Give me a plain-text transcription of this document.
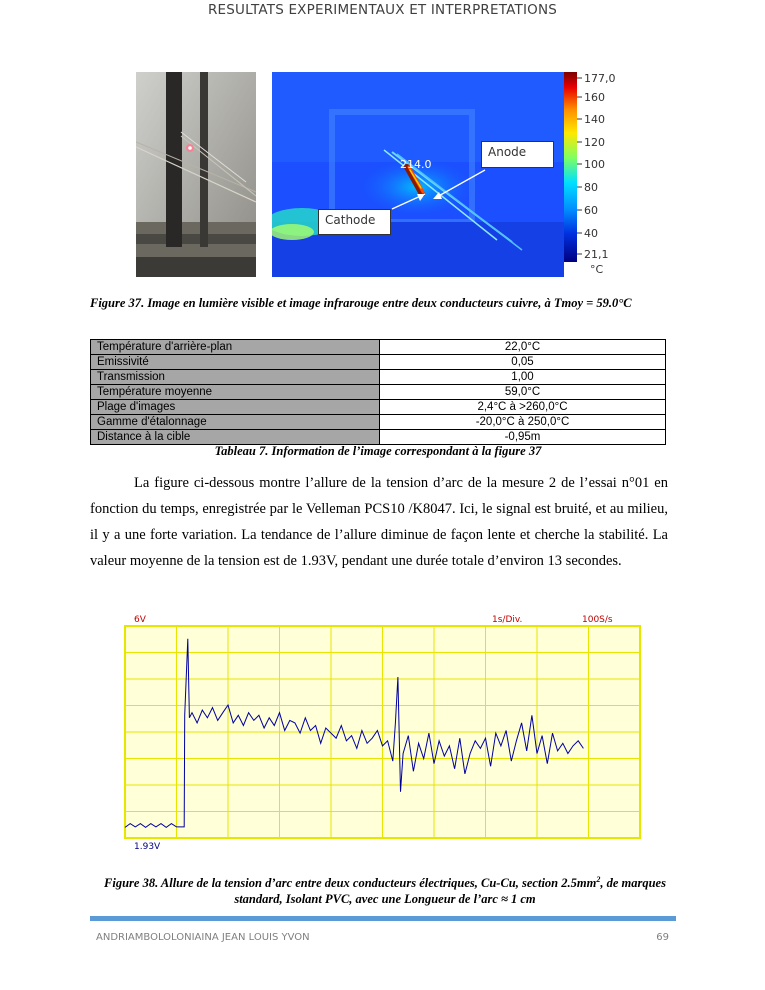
RESULTATS EXPERIMENTAUX ET INTERPRETATIONS
214.0
Anode
Cathode
177,0
160
140
120
100
80
60
40
21,1
°C
Figure 37. Image en lumière visible et image infrarouge entre deux conducteurs cuivre, à Tmoy = 59.0°C
Température d'arrière-plan	22,0°C
Emissivité	0,05
Transmission	1,00
Température moyenne	59,0°C
Plage d'images	2,4°C à >260,0°C
Gamme d'étalonnage	-20,0°C à 250,0°C
Distance à la cible	-0,95m
Tableau 7. Information de l’image correspondant à la figure 37

La figure ci-dessous montre l’allure de la tension d’arc de la mesure 2 de l’essai n°01 en fonction du temps, enregistrée par le Velleman PCS10 /K8047. Ici, le signal est bruité, et au milieu, il y a une forte variation. La tendance de l’allure diminue de façon lente et cherche la stabilité. La valeur moyenne de la tension est de 1.93V, pendant une durée totale d’environ 13 secondes.

6V	1s/Div.	100S/s
1.93V
Figure 38. Allure de la tension d’arc entre deux conducteurs électriques, Cu-Cu, section $2.5mm^2$, de marques standard, Isolant PVC, avec une Longueur de l’arc ≈ 1 cm
ANDRIAMBOLOLONIAINA JEAN LOUIS YVON	69
